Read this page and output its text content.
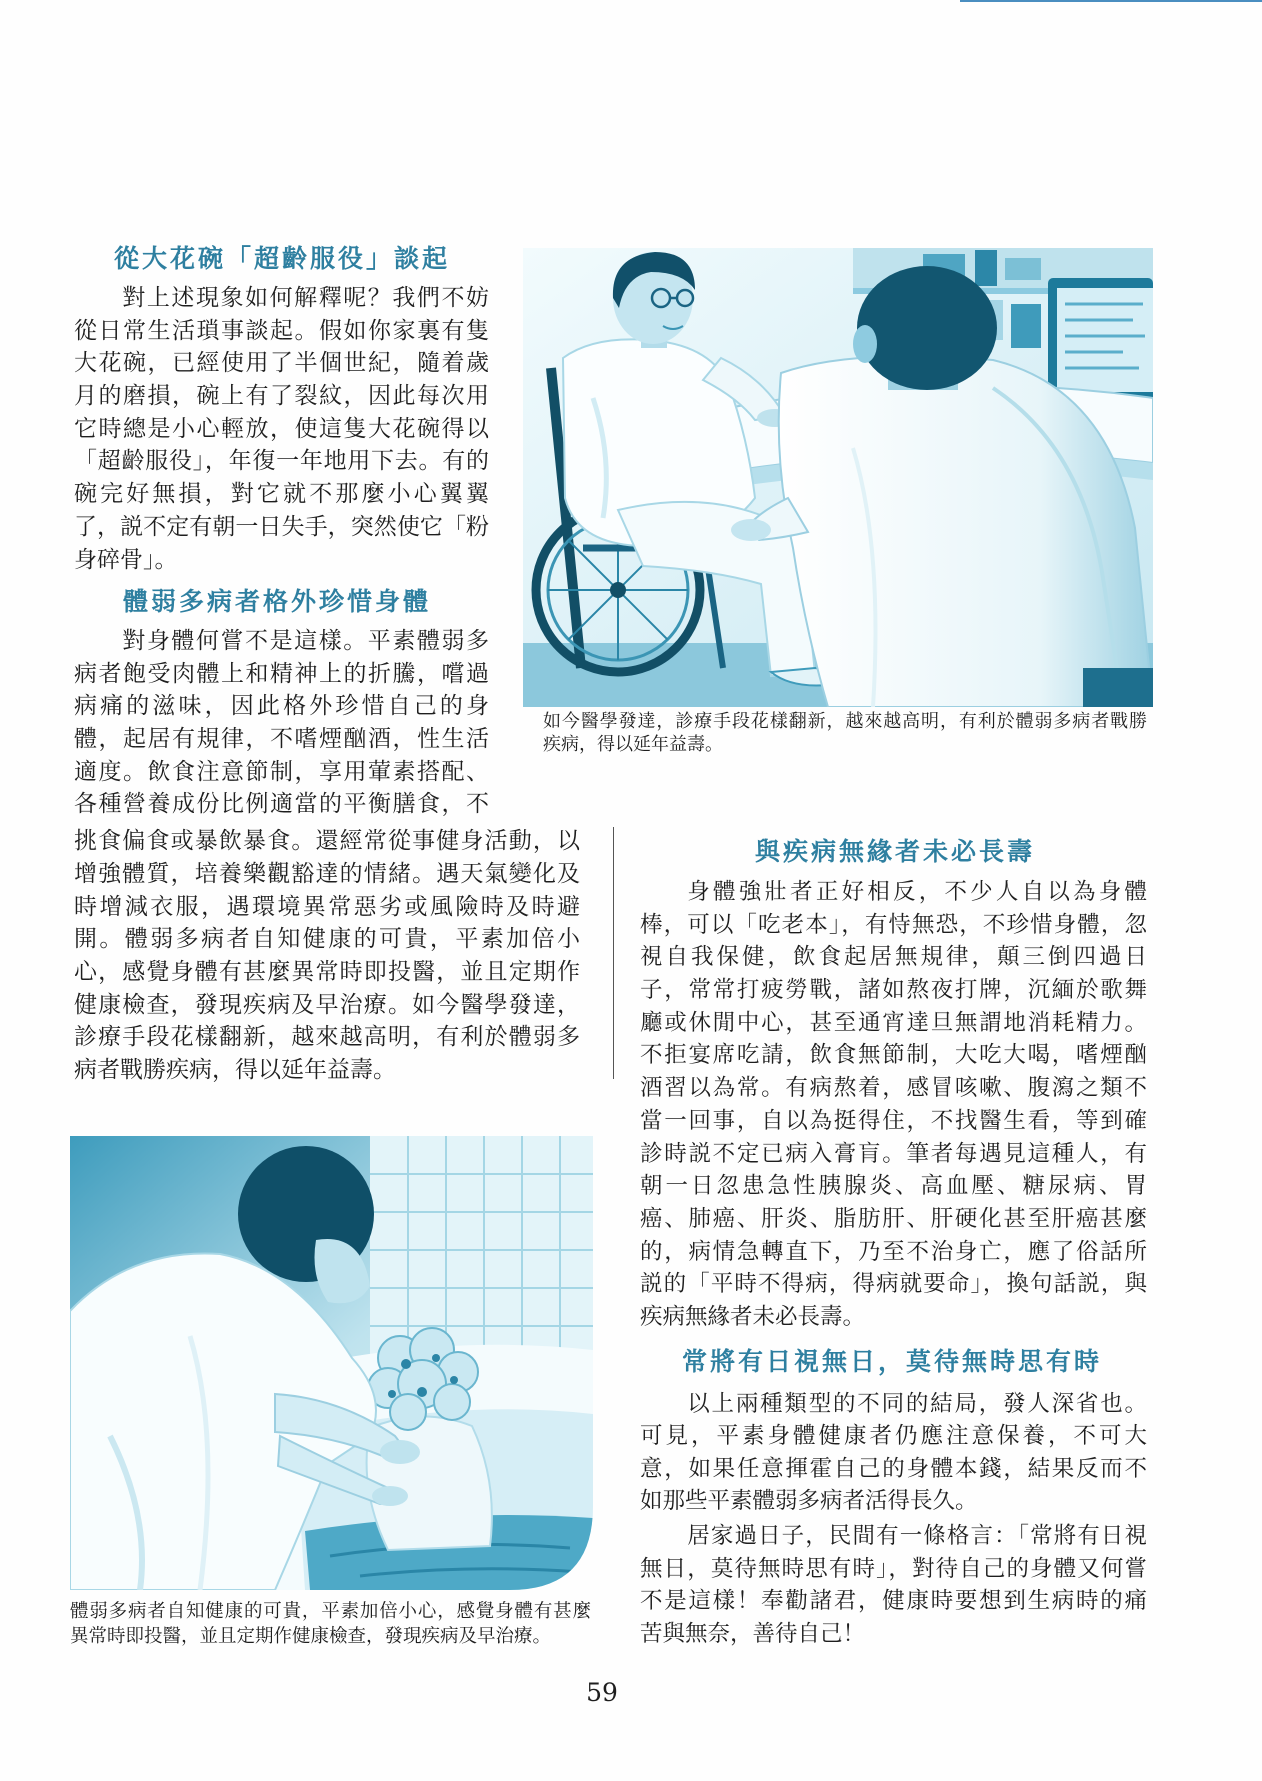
從大花碗「超齡服役」談起
對上述現象如何解釋呢？我們不妨
從日常生活瑣事談起。假如你家裏有隻
大花碗，已經使用了半個世紀，隨着歲
月的磨損，碗上有了裂紋，因此每次用
它時總是小心輕放，使這隻大花碗得以
「超齡服役」，年復一年地用下去。有的
碗完好無損，對它就不那麼小心翼翼
了，説不定有朝一日失手，突然使它「粉
身碎骨」。
體弱多病者格外珍惜身體
對身體何嘗不是這樣。平素體弱多
病者飽受肉體上和精神上的折騰，嚐過
病痛的滋味，因此格外珍惜自己的身
體，起居有規律，不嗜煙酗酒，性生活
適度。飲食注意節制，享用葷素搭配、
各種營養成份比例適當的平衡膳食，不
挑食偏食或暴飲暴食。還經常從事健身活動，以
增強體質，培養樂觀豁達的情緒。遇天氣變化及
時增減衣服，遇環境異常惡劣或風險時及時避
開。體弱多病者自知健康的可貴，平素加倍小
心，感覺身體有甚麼異常時即投醫，並且定期作
健康檢查，發現疾病及早治療。如今醫學發達，
診療手段花樣翻新，越來越高明，有利於體弱多
病者戰勝疾病，得以延年益壽。
如今醫學發達，診療手段花樣翻新，越來越高明，有利於體弱多病者戰勝
疾病，得以延年益壽。
與疾病無緣者未必長壽
身體強壯者正好相反，不少人自以為身體
棒，可以「吃老本」，有恃無恐，不珍惜身體，忽
視自我保健，飲食起居無規律，顛三倒四過日
子，常常打疲勞戰，諸如熬夜打牌，沉緬於歌舞
廳或休閒中心，甚至通宵達旦無謂地消耗精力。
不拒宴席吃請，飲食無節制，大吃大喝，嗜煙酗
酒習以為常。有病熬着，感冒咳嗽、腹瀉之類不
當一回事，自以為挺得住，不找醫生看，等到確
診時説不定已病入膏肓。筆者每遇見這種人，有
朝一日忽患急性胰腺炎、高血壓、糖尿病、胃
癌、肺癌、肝炎、脂肪肝、肝硬化甚至肝癌甚麼
的，病情急轉直下，乃至不治身亡，應了俗話所
説的「平時不得病，得病就要命」，換句話説，與
疾病無緣者未必長壽。
常將有日視無日，莫待無時思有時
以上兩種類型的不同的結局，發人深省也。
可見，平素身體健康者仍應注意保養，不可大
意，如果任意揮霍自己的身體本錢，結果反而不
如那些平素體弱多病者活得長久。
居家過日子，民間有一條格言：「常將有日視
無日，莫待無時思有時」，對待自己的身體又何嘗
不是這樣！奉勸諸君，健康時要想到生病時的痛
苦與無奈，善待自己！
體弱多病者自知健康的可貴，平素加倍小心，感覺身體有甚麼
異常時即投醫，並且定期作健康檢查，發現疾病及早治療。
59
